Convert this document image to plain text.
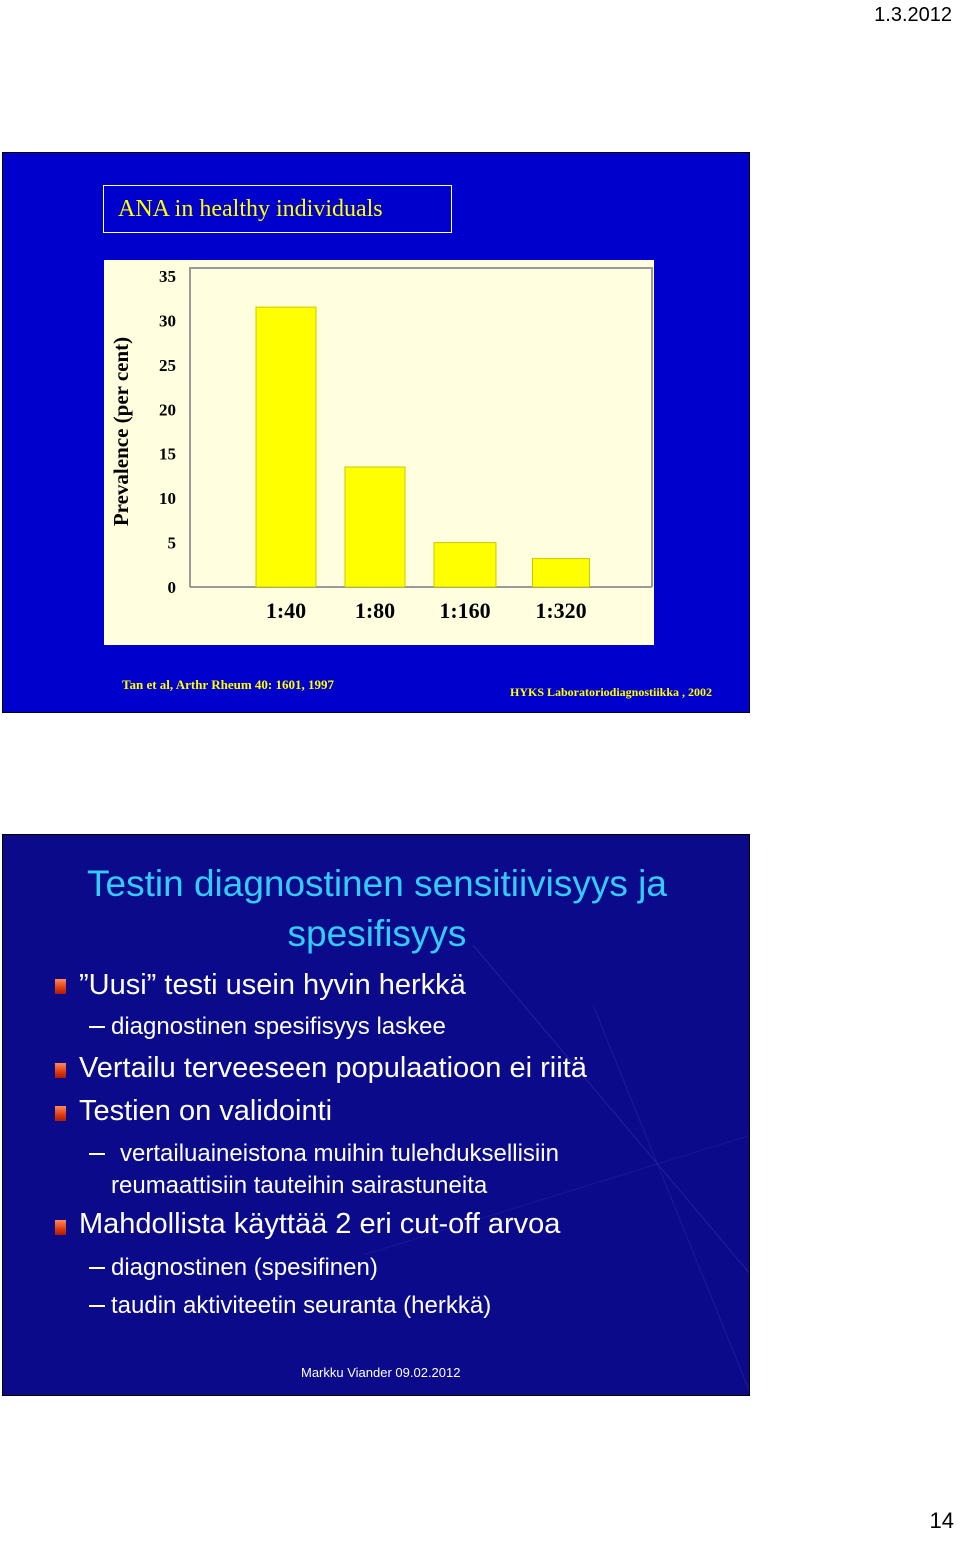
1.3.2012
ANA in healthy individuals
0
5
10
15
20
25
30
35
Prevalence (per cent)
1:40 1:80 1:160 1:320
Tan et al, Arthr Rheum 40: 1601, 1997	HYKS Laboratoriodiagnostiikka , 2002
Testin diagnostinen sensitiivisyys ja
spesifisyys
”Uusi” testi usein hyvin herkkä
diagnostinen spesifisyys laskee
Vertailu terveeseen populaatioon ei riitä
Testien on validointi
vertailuaineistona muihin tulehduksellisiin
reumaattisiin tauteihin sairastuneita
Mahdollista käyttää 2 eri cut-off arvoa
diagnostinen (spesifinen)
taudin aktiviteetin seuranta (herkkä)
Markku Viander 09.02.2012
14
